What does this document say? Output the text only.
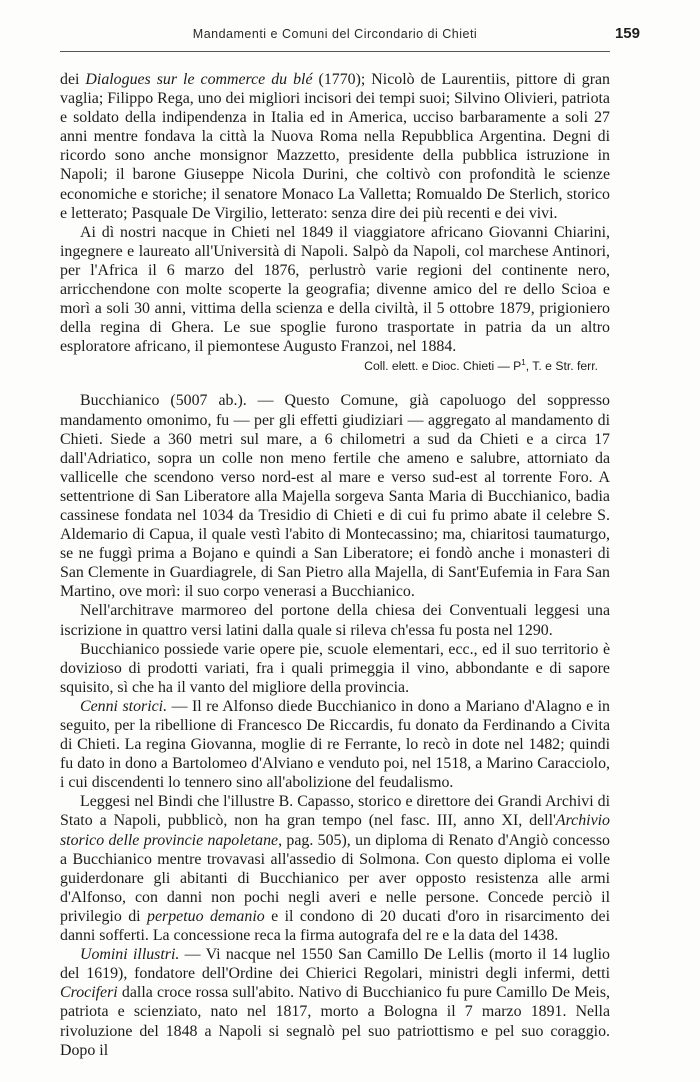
Mandamenti e Comuni del Circondario di Chieti	159

dei Dialogues sur le commerce du blé (1770); Nicolò de Laurentiis, pittore di gran vaglia; Filippo Rega, uno dei migliori incisori dei tempi suoi; Silvino Olivieri, patriota e soldato della indipendenza in Italia ed in America, ucciso barbaramente a soli 27 anni mentre fondava la città la Nuova Roma nella Repubblica Argentina. Degni di ricordo sono anche monsignor Mazzetto, presidente della pubblica istruzione in Napoli; il barone Giuseppe Nicola Durini, che coltivò con profondità le scienze economiche e storiche; il senatore Monaco La Valletta; Romualdo De Sterlich, storico e letterato; Pasquale De Virgilio, letterato: senza dire dei più recenti e dei vivi.

Ai dì nostri nacque in Chieti nel 1849 il viaggiatore africano Giovanni Chiarini, ingegnere e laureato all'Università di Napoli. Salpò da Napoli, col marchese Antinori, per l'Africa il 6 marzo del 1876, perlustrò varie regioni del continente nero, arricchendone con molte scoperte la geografia; divenne amico del re dello Scioa e morì a soli 30 anni, vittima della scienza e della civiltà, il 5 ottobre 1879, prigioniero della regina di Ghera. Le sue spoglie furono trasportate in patria da un altro esploratore africano, il piemontese Augusto Franzoi, nel 1884.

Coll. elett. e Dioc. Chieti — $P^1$, T. e Str. ferr.

Bucchianico (5007 ab.). — Questo Comune, già capoluogo del soppresso mandamento omonimo, fu — per gli effetti giudiziari — aggregato al mandamento di Chieti. Siede a 360 metri sul mare, a 6 chilometri a sud da Chieti e a circa 17 dall'Adriatico, sopra un colle non meno fertile che ameno e salubre, attorniato da vallicelle che scendono verso nord-est al mare e verso sud-est al torrente Foro. A settentrione di San Liberatore alla Majella sorgeva Santa Maria di Bucchianico, badia cassinese fondata nel 1034 da Tresidio di Chieti e di cui fu primo abate il celebre S. Aldemario di Capua, il quale vestì l'abito di Montecassino; ma, chiaritosi taumaturgo, se ne fuggì prima a Bojano e quindi a San Liberatore; ei fondò anche i monasteri di San Clemente in Guardiagrele, di San Pietro alla Majella, di Sant'Eufemia in Fara San Martino, ove morì: il suo corpo venerasi a Bucchianico.

Nell'architrave marmoreo del portone della chiesa dei Conventuali leggesi una iscrizione in quattro versi latini dalla quale si rileva ch'essa fu posta nel 1290.

Bucchianico possiede varie opere pie, scuole elementari, ecc., ed il suo territorio è dovizioso di prodotti variati, fra i quali primeggia il vino, abbondante e di sapore squisito, sì che ha il vanto del migliore della provincia.

Cenni storici. — Il re Alfonso diede Bucchianico in dono a Mariano d'Alagno e in seguito, per la ribellione di Francesco De Riccardis, fu donato da Ferdinando a Civita di Chieti. La regina Giovanna, moglie di re Ferrante, lo recò in dote nel 1482; quindi fu dato in dono a Bartolomeo d'Alviano e venduto poi, nel 1518, a Marino Caracciolo, i cui discendenti lo tennero sino all'abolizione del feudalismo.

Leggesi nel Bindi che l'illustre B. Capasso, storico e direttore dei Grandi Archivi di Stato a Napoli, pubblicò, non ha gran tempo (nel fasc. III, anno XI, dell'Archivio storico delle provincie napoletane, pag. 505), un diploma di Renato d'Angiò concesso a Bucchianico mentre trovavasi all'assedio di Solmona. Con questo diploma ei volle guiderdonare gli abitanti di Bucchianico per aver opposto resistenza alle armi d'Alfonso, con danni non pochi negli averi e nelle persone. Concede perciò il privilegio di perpetuo demanio e il condono di 20 ducati d'oro in risarcimento dei danni sofferti. La concessione reca la firma autografa del re e la data del 1438.

Uomini illustri. — Vi nacque nel 1550 San Camillo De Lellis (morto il 14 luglio del 1619), fondatore dell'Ordine dei Chierici Regolari, ministri degli infermi, detti Crociferi dalla croce rossa sull'abito. Nativo di Bucchianico fu pure Camillo De Meis, patriota e scienziato, nato nel 1817, morto a Bologna il 7 marzo 1891. Nella rivoluzione del 1848 a Napoli si segnalò pel suo patriottismo e pel suo coraggio. Dopo il
